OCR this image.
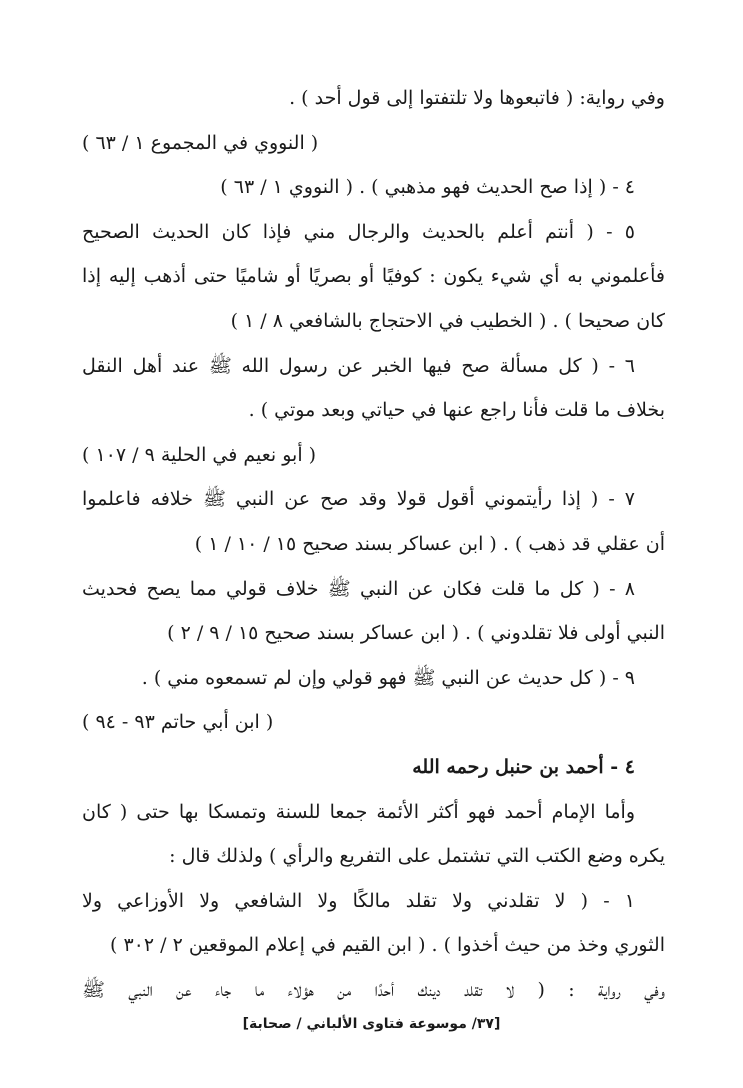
وفي رواية: ( فاتبعوها ولا تلتفتوا إلى قول أحد ) .
( النووي في المجموع ١ / ٦٣ )
٤ - ( إذا صح الحديث فهو مذهبي ) . ( النووي ١ / ٦٣ )
٥ - ( أنتم أعلم بالحديث والرجال مني فإذا كان الحديث الصحيح
فأعلموني به أي شيء يكون : كوفيًا أو بصريًا أو شاميًا حتى أذهب إليه إذا
كان صحيحا ) . ( الخطيب في الاحتجاج بالشافعي ٨ / ١ )
٦ - ( كل مسألة صح فيها الخبر عن رسول الله ﷺ عند أهل النقل
بخلاف ما قلت فأنا راجع عنها في حياتي وبعد موتي ) .
( أبو نعيم في الحلية ٩ / ١٠٧ )
٧ - ( إذا رأيتموني أقول قولا وقد صح عن النبي ﷺ خلافه فاعلموا
أن عقلي قد ذهب ) . ( ابن عساكر بسند صحيح ١٥ / ١٠ / ١ )
٨ - ( كل ما قلت فكان عن النبي ﷺ خلاف قولي مما يصح فحديث
النبي أولى فلا تقلدوني ) . ( ابن عساكر بسند صحيح ١٥ / ٩ / ٢ )
٩ - ( كل حديث عن النبي ﷺ فهو قولي وإن لم تسمعوه مني ) .
( ابن أبي حاتم ٩٣ - ٩٤ )
٤ - أحمد بن حنبل رحمه الله
وأما الإمام أحمد فهو أكثر الأئمة جمعا للسنة وتمسكا بها حتى ( كان
يكره وضع الكتب التي تشتمل على التفريع والرأي ) ولذلك قال :
١ - ( لا تقلدني ولا تقلد مالكًا ولا الشافعي ولا الأوزاعي ولا
الثوري وخذ من حيث أخذوا ) . ( ابن القيم في إعلام الموقعين ٢ / ٣٠٢ )
وفي رواية : ( لا تقلد دينك أحدًا من هؤلاء ما جاء عن النبي ﷺ
[٣٧/ موسوعة فتاوى الألباني / صحابة]
